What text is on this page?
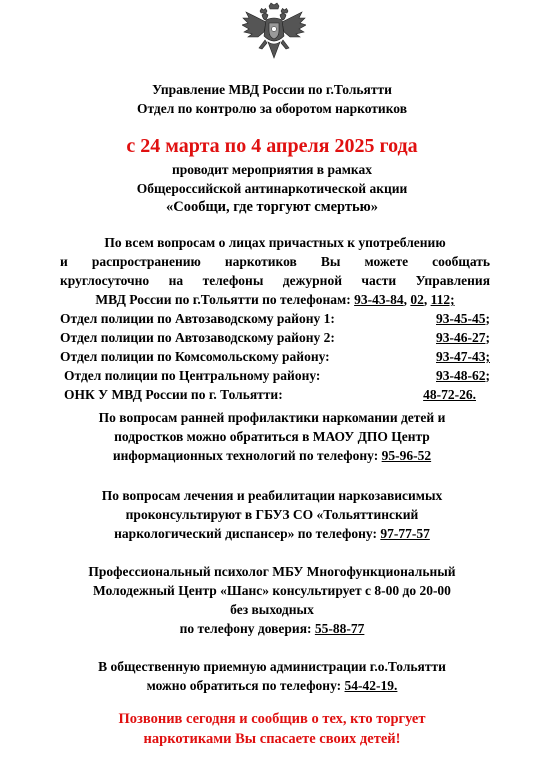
Управление МВД России по г.Тольятти
Отдел по контролю за оборотом наркотиков
с 24 марта по 4 апреля 2025 года
проводит мероприятия в рамках
Общероссийской антинаркотической акции
«Сообщи, где торгуют смертью»
По всем вопросам о лицах причастных к употреблению
и распространению наркотиков Вы можете сообщать
круглосуточно на телефоны дежурной части Управления
МВД России по г.Тольятти по телефонам: 93-43-84, 02, 112;
Отдел полиции по Автозаводскому району 1:	93-45-45;
Отдел полиции по Автозаводскому району 2:	93-46-27;
Отдел полиции по Комсомольскому району:	93-47-43;
Отдел полиции по Центральному району:	93-48-62;
ОНК У МВД России по г. Тольятти:	48-72-26.
По вопросам ранней профилактики наркомании детей и
подростков можно обратиться в МАОУ ДПО Центр
информационных технологий по телефону: 95-96-52
По вопросам лечения и реабилитации наркозависимых
проконсультируют в ГБУЗ СО «Тольяттинский
наркологический диспансер» по телефону: 97-77-57
Профессиональный психолог МБУ Многофункциональный
Молодежный Центр «Шанс» консультирует с 8-00 до 20-00
без выходных
по телефону доверия: 55-88-77
В общественную приемную администрации г.о.Тольятти
можно обратиться по телефону: 54-42-19.
Позвонив сегодня и сообщив о тех, кто торгует
наркотиками Вы спасаете своих детей!
